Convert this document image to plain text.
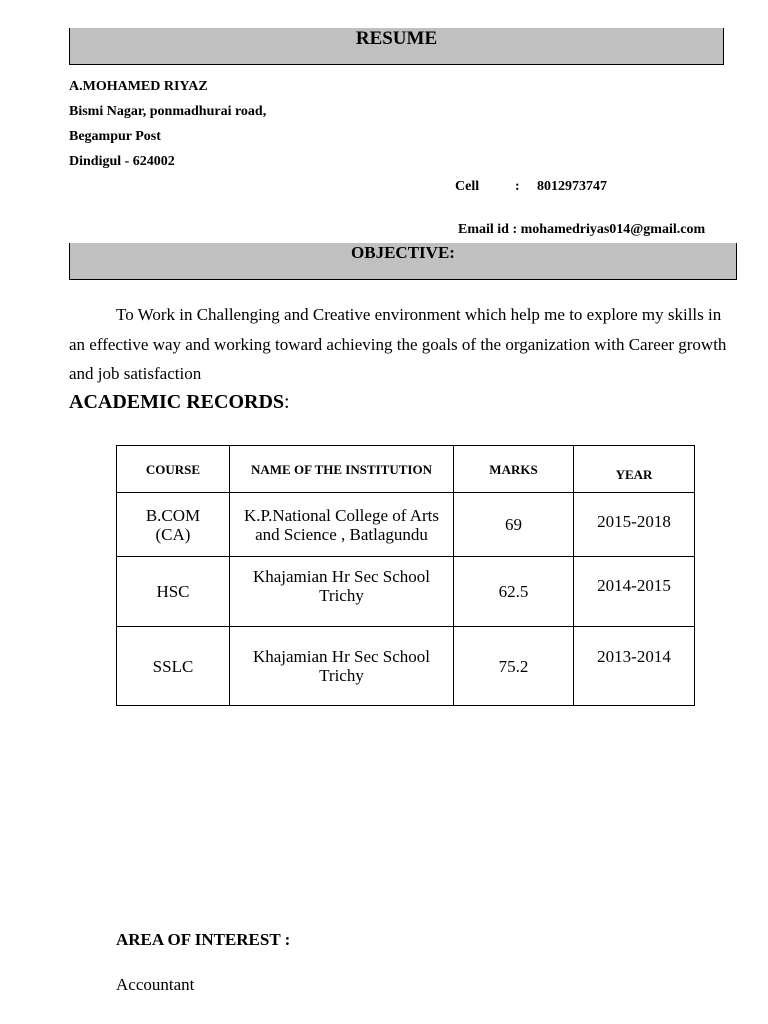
RESUME
A.MOHAMED RIYAZ
Bismi Nagar, ponmadhurai road,
Begampur Post
Dindigul - 624002
Cell	: 8012973747

Email id : mohamedriyas014@gmail.com

OBJECTIVE:
To Work in Challenging and Creative environment which help me to explore my skills in an effective way and working toward achieving the goals of the organization with Career growth and job satisfaction
ACADEMIC RECORDS:
COURSE	NAME OF THE INSTITUTION	MARKS	YEAR
B.COM (CA)	K.P.National College of Arts and Science , Batlagundu	69	2015-2018
HSC	Khajamian Hr Sec School Trichy	62.5	2014-2015
SSLC	Khajamian Hr Sec School Trichy	75.2	2013-2014
AREA OF INTEREST :
Accountant
